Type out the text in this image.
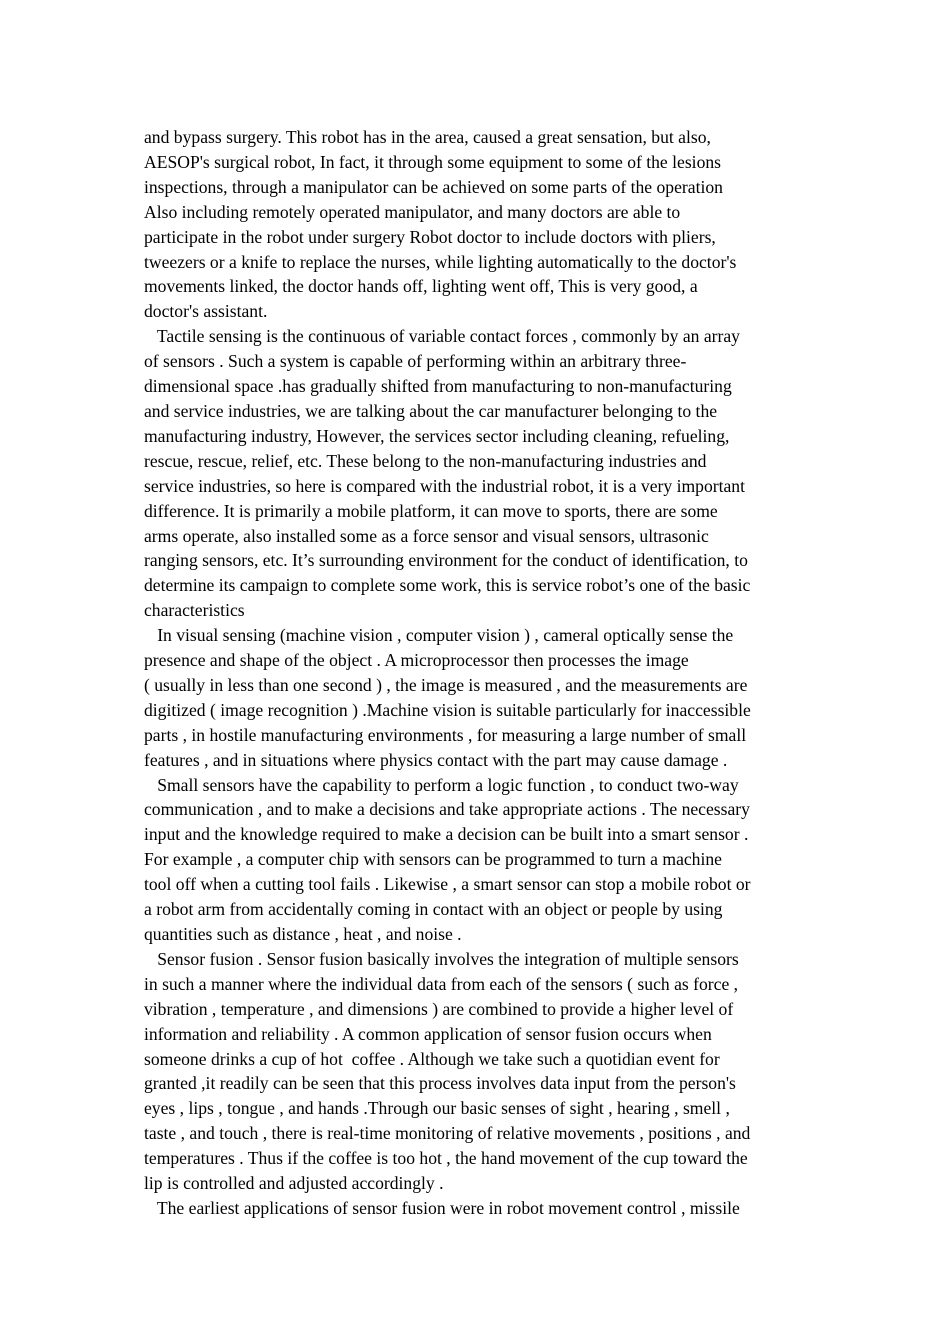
and bypass surgery. This robot has in the area, caused a great sensation, but also,
AESOP's surgical robot, In fact, it through some equipment to some of the lesions
inspections, through a manipulator can be achieved on some parts of the operation
Also including remotely operated manipulator, and many doctors are able to
participate in the robot under surgery Robot doctor to include doctors with pliers,
tweezers or a knife to replace the nurses, while lighting automatically to the doctor's
movements linked, the doctor hands off, lighting went off, This is very good, a
doctor's assistant.

Tactile sensing is the continuous of variable contact forces , commonly by an array
of sensors . Such a system is capable of performing within an arbitrary three-
dimensional space .has gradually shifted from manufacturing to non-manufacturing
and service industries, we are talking about the car manufacturer belonging to the
manufacturing industry, However, the services sector including cleaning, refueling,
rescue, rescue, relief, etc. These belong to the non-manufacturing industries and
service industries, so here is compared with the industrial robot, it is a very important
difference. It is primarily a mobile platform, it can move to sports, there are some
arms operate, also installed some as a force sensor and visual sensors, ultrasonic
ranging sensors, etc. It’s surrounding environment for the conduct of identification, to
determine its campaign to complete some work, this is service robot’s one of the basic
characteristics

In visual sensing (machine vision , computer vision ) , cameral optically sense the
presence and shape of the object . A microprocessor then processes the image
( usually in less than one second ) , the image is measured , and the measurements are
digitized ( image recognition ) .Machine vision is suitable particularly for inaccessible
parts , in hostile manufacturing environments , for measuring a large number of small
features , and in situations where physics contact with the part may cause damage .

Small sensors have the capability to perform a logic function , to conduct two-way
communication , and to make a decisions and take appropriate actions . The necessary
input and the knowledge required to make a decision can be built into a smart sensor .
For example , a computer chip with sensors can be programmed to turn a machine
tool off when a cutting tool fails . Likewise , a smart sensor can stop a mobile robot or
a robot arm from accidentally coming in contact with an object or people by using
quantities such as distance , heat , and noise .

Sensor fusion . Sensor fusion basically involves the integration of multiple sensors
in such a manner where the individual data from each of the sensors ( such as force ,
vibration , temperature , and dimensions ) are combined to provide a higher level of
information and reliability . A common application of sensor fusion occurs when
someone drinks a cup of hot  coffee . Although we take such a quotidian event for
granted ,it readily can be seen that this process involves data input from the person's
eyes , lips , tongue , and hands .Through our basic senses of sight , hearing , smell ,
taste , and touch , there is real-time monitoring of relative movements , positions , and
temperatures . Thus if the coffee is too hot , the hand movement of the cup toward the
lip is controlled and adjusted accordingly .

The earliest applications of sensor fusion were in robot movement control , missile
